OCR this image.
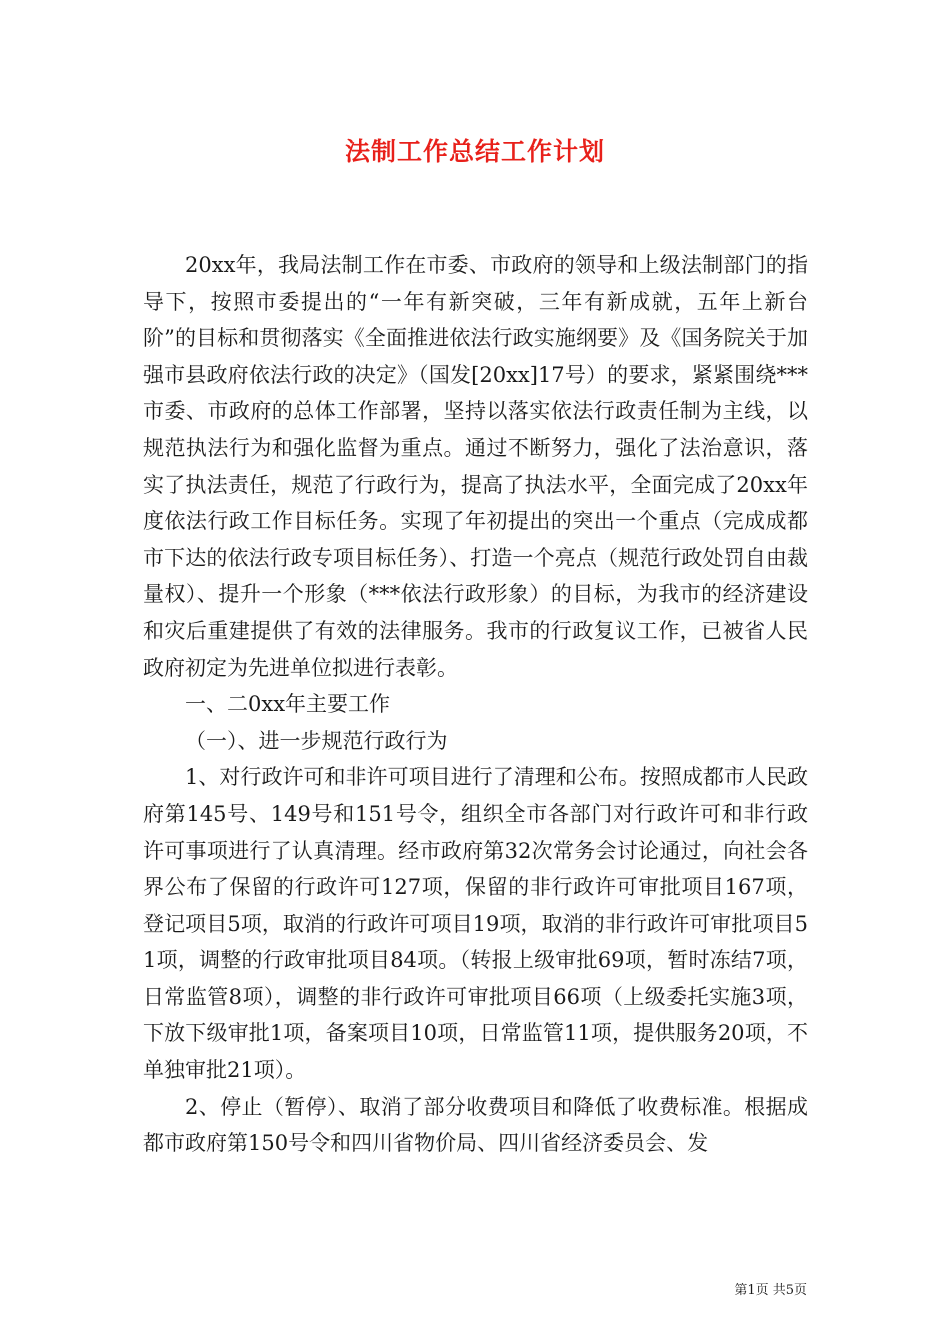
法制工作总结工作计划

20xx年，我局法制工作在市委、市政府的领导和上级法制部门的指导下，按照市委提出的“一年有新突破，三年有新成就，五年上新台阶”的目标和贯彻落实《全面推进依法行政实施纲要》及《国务院关于加强市县政府依法行政的决定》（国发[20xx]17号）的要求，紧紧围绕***市委、市政府的总体工作部署，坚持以落实依法行政责任制为主线，以规范执法行为和强化监督为重点。通过不断努力，强化了法治意识，落实了执法责任，规范了行政行为，提高了执法水平，全面完成了20xx年度依法行政工作目标任务。实现了年初提出的突出一个重点（完成成都市下达的依法行政专项目标任务）、打造一个亮点（规范行政处罚自由裁量权）、提升一个形象（***依法行政形象）的目标，为我市的经济建设和灾后重建提供了有效的法律服务。我市的行政复议工作，已被省人民政府初定为先进单位拟进行表彰。

一、二0xx年主要工作

（一）、进一步规范行政行为

1、对行政许可和非许可项目进行了清理和公布。按照成都市人民政府第145号、149号和151号令，组织全市各部门对行政许可和非行政许可事项进行了认真清理。经市政府第32次常务会讨论通过，向社会各界公布了保留的行政许可127项，保留的非行政许可审批项目167项，登记项目5项，取消的行政许可项目19项，取消的非行政许可审批项目51项，调整的行政审批项目84项。（转报上级审批69项，暂时冻结7项，日常监管8项），调整的非行政许可审批项目66项（上级委托实施3项，下放下级审批1项，备案项目10项，日常监管11项，提供服务20项，不单独审批21项）。

2、停止（暂停）、取消了部分收费项目和降低了收费标准。根据成都市政府第150号令和四川省物价局、四川省经济委员会、发

第1页 共5页
